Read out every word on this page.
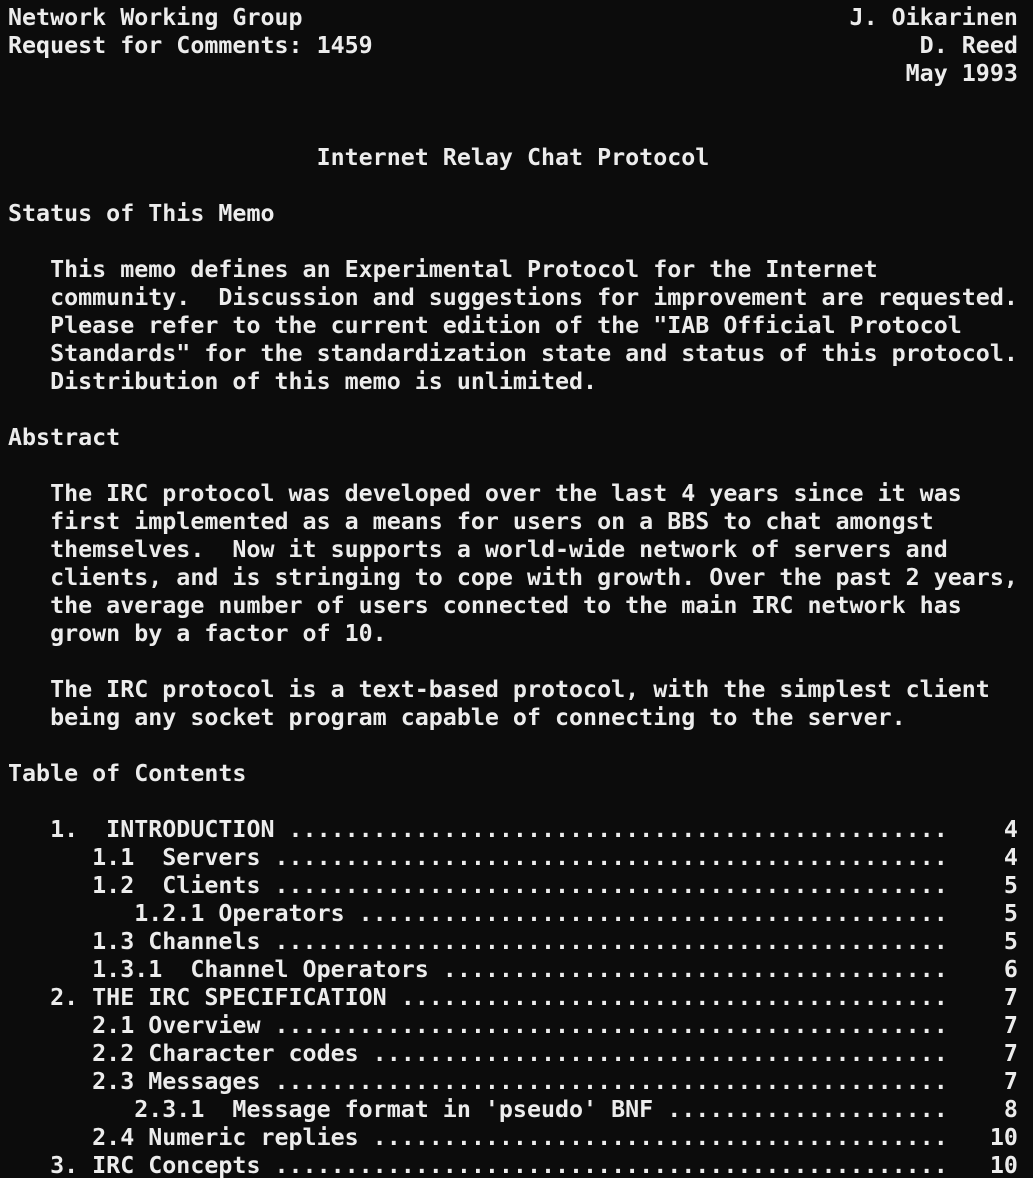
Network Working Group                                       J. Oikarinen
Request for Comments: 1459                                       D. Reed
May 1993
Internet Relay Chat Protocol
Status of This Memo
This memo defines an Experimental Protocol for the Internet
community.  Discussion and suggestions for improvement are requested.
Please refer to the current edition of the "IAB Official Protocol
Standards" for the standardization state and status of this protocol.
Distribution of this memo is unlimited.
Abstract
The IRC protocol was developed over the last 4 years since it was
first implemented as a means for users on a BBS to chat amongst
themselves.  Now it supports a world-wide network of servers and
clients, and is stringing to cope with growth. Over the past 2 years,
the average number of users connected to the main IRC network has
grown by a factor of 10.
The IRC protocol is a text-based protocol, with the simplest client
being any socket program capable of connecting to the server.
Table of Contents
1.  INTRODUCTION ...............................................    4
1.1  Servers ................................................    4
1.2  Clients ................................................    5
1.2.1 Operators ..........................................    5
1.3 Channels ................................................    5
1.3.1  Channel Operators ....................................    6
2. THE IRC SPECIFICATION .......................................    7
2.1 Overview ................................................    7
2.2 Character codes .........................................    7
2.3 Messages ................................................    7
2.3.1  Message format in 'pseudo' BNF ....................    8
2.4 Numeric replies .........................................   10
3. IRC Concepts ................................................   10
